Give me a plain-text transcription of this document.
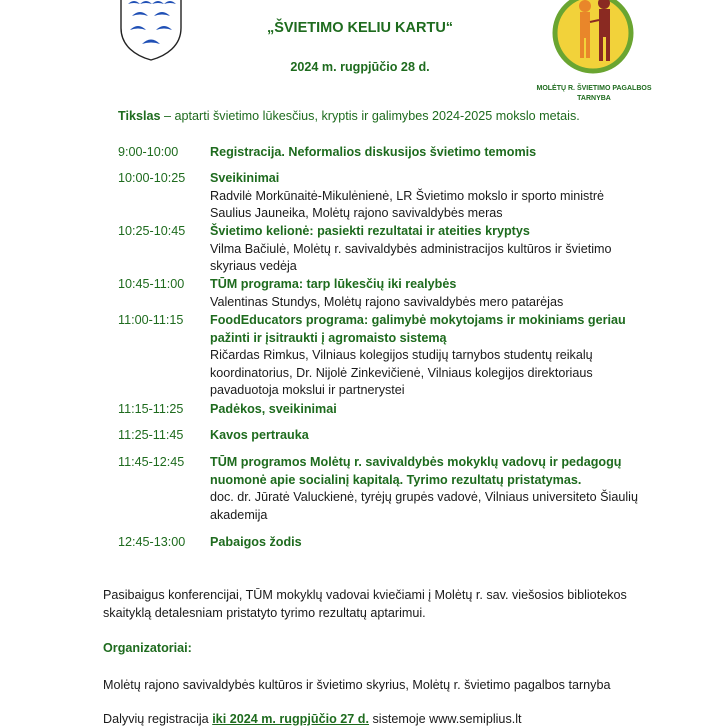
„ŠVIETIMO KELIU KARTU“
2024 m. rugpjūčio 28 d.
MOLĖTŲ R. ŠVIETIMO PAGALBOS
TARNYBA
Tikslas – aptarti švietimo lūkesčius, kryptis ir galimybes 2024-2025 mokslo metais.
9:00-10:00	Registracija. Neformalios diskusijos švietimo temomis
10:00-10:25	Sveikinimai
Radvilė Morkūnaitė-Mikulėnienė, LR Švietimo mokslo ir sporto ministrė
Saulius Jauneika, Molėtų rajono savivaldybės meras
10:25-10:45	Švietimo kelionė: pasiekti rezultatai ir ateities kryptys
Vilma Bačiulė, Molėtų r. savivaldybės administracijos kultūros ir švietimo
skyriaus vedėja
10:45-11:00	TŪM programa: tarp lūkesčių iki realybės
Valentinas Stundys, Molėtų rajono savivaldybės mero patarėjas
11:00-11:15	FoodEducators programa: galimybė mokytojams ir mokiniams geriau
pažinti ir įsitraukti į agromaisto sistemą
Ričardas Rimkus, Vilniaus kolegijos studijų tarnybos studentų reikalų
koordinatorius, Dr. Nijolė Zinkevičienė, Vilniaus kolegijos direktoriaus
pavaduotoja mokslui ir partnerystei
11:15-11:25	Padėkos, sveikinimai
11:25-11:45	Kavos pertrauka
11:45-12:45	TŪM programos Molėtų r. savivaldybės mokyklų vadovų ir pedagogų
nuomonė apie socialinį kapitalą. Tyrimo rezultatų pristatymas.
doc. dr. Jūratė Valuckienė, tyrėjų grupės vadovė, Vilniaus universiteto Šiaulių
akademija
12:45-13:00	Pabaigos žodis
Pasibaigus konferencijai, TŪM mokyklų vadovai kviečiami į Molėtų r. sav. viešosios bibliotekos
skaityklą detalesniam pristatyto tyrimo rezultatų aptarimui.
Organizatoriai:
Molėtų rajono savivaldybės kultūros ir švietimo skyrius, Molėtų r. švietimo pagalbos tarnyba
Dalyvių registracija iki 2024 m. rugpjūčio 27 d. sistemoje www.semiplius.lt
